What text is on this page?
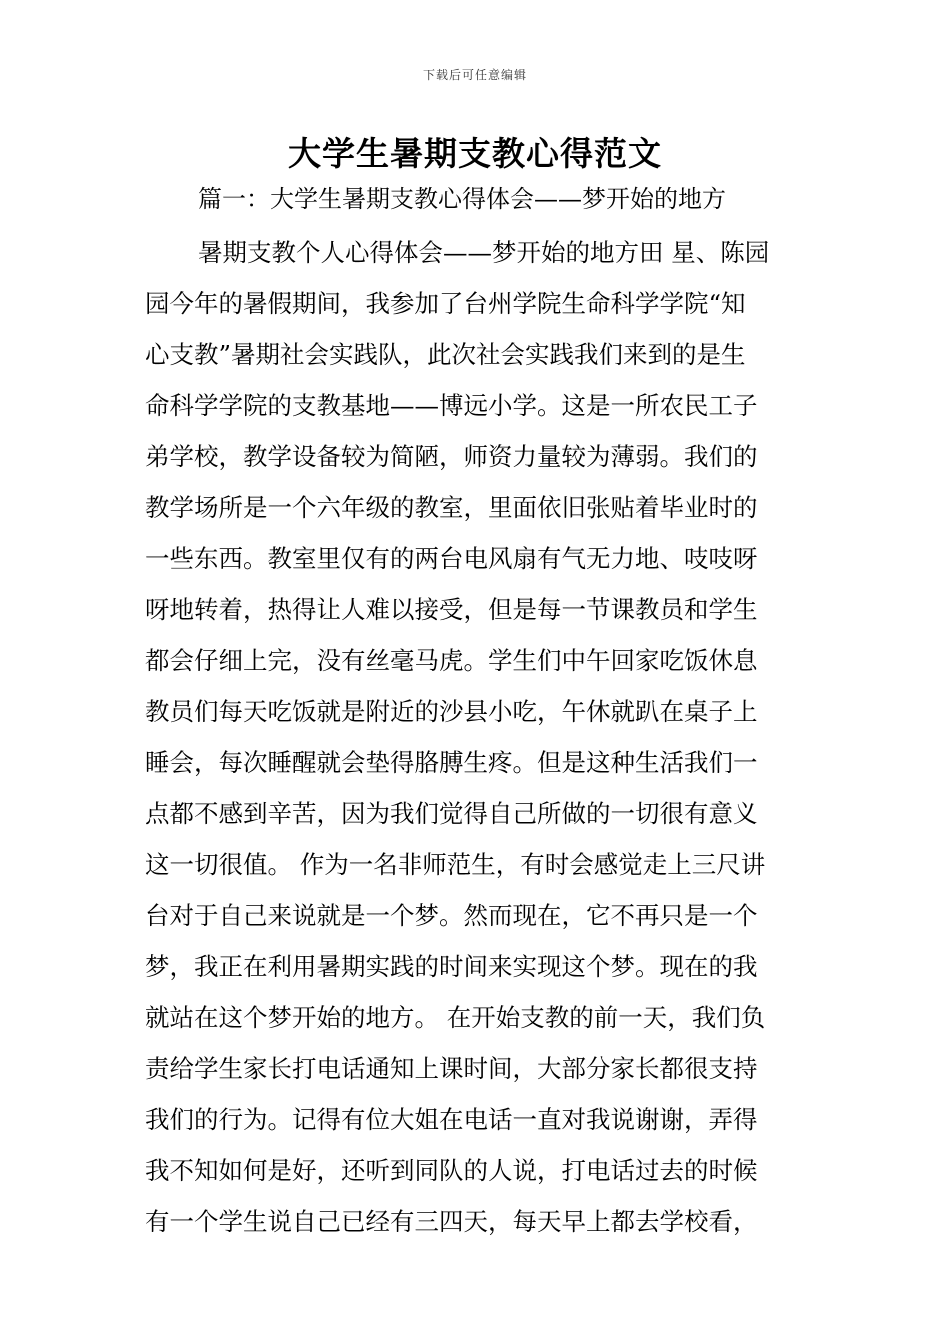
下载后可任意编辑
大学生暑期支教心得范文
篇一：大学生暑期支教心得体会——梦开始的地方
暑期支教个人心得体会——梦开始的地方田 星、陈园
园今年的暑假期间，我参加了台州学院生命科学学院“知
心支教”暑期社会实践队，此次社会实践我们来到的是生
命科学学院的支教基地——博远小学。这是一所农民工子
弟学校，教学设备较为简陋，师资力量较为薄弱。我们的
教学场所是一个六年级的教室，里面依旧张贴着毕业时的
一些东西。教室里仅有的两台电风扇有气无力地、吱吱呀
呀地转着，热得让人难以接受，但是每一节课教员和学生
都会仔细上完，没有丝毫马虎。学生们中午回家吃饭休息
教员们每天吃饭就是附近的沙县小吃，午休就趴在桌子上
睡会，每次睡醒就会垫得胳膊生疼。但是这种生活我们一
点都不感到辛苦，因为我们觉得自己所做的一切很有意义
这一切很值。 作为一名非师范生，有时会感觉走上三尺讲
台对于自己来说就是一个梦。然而现在，它不再只是一个
梦，我正在利用暑期实践的时间来实现这个梦。现在的我
就站在这个梦开始的地方。 在开始支教的前一天，我们负
责给学生家长打电话通知上课时间，大部分家长都很支持
我们的行为。记得有位大姐在电话一直对我说谢谢，弄得
我不知如何是好，还听到同队的人说，打电话过去的时候
有一个学生说自己已经有三四天，每天早上都去学校看，
